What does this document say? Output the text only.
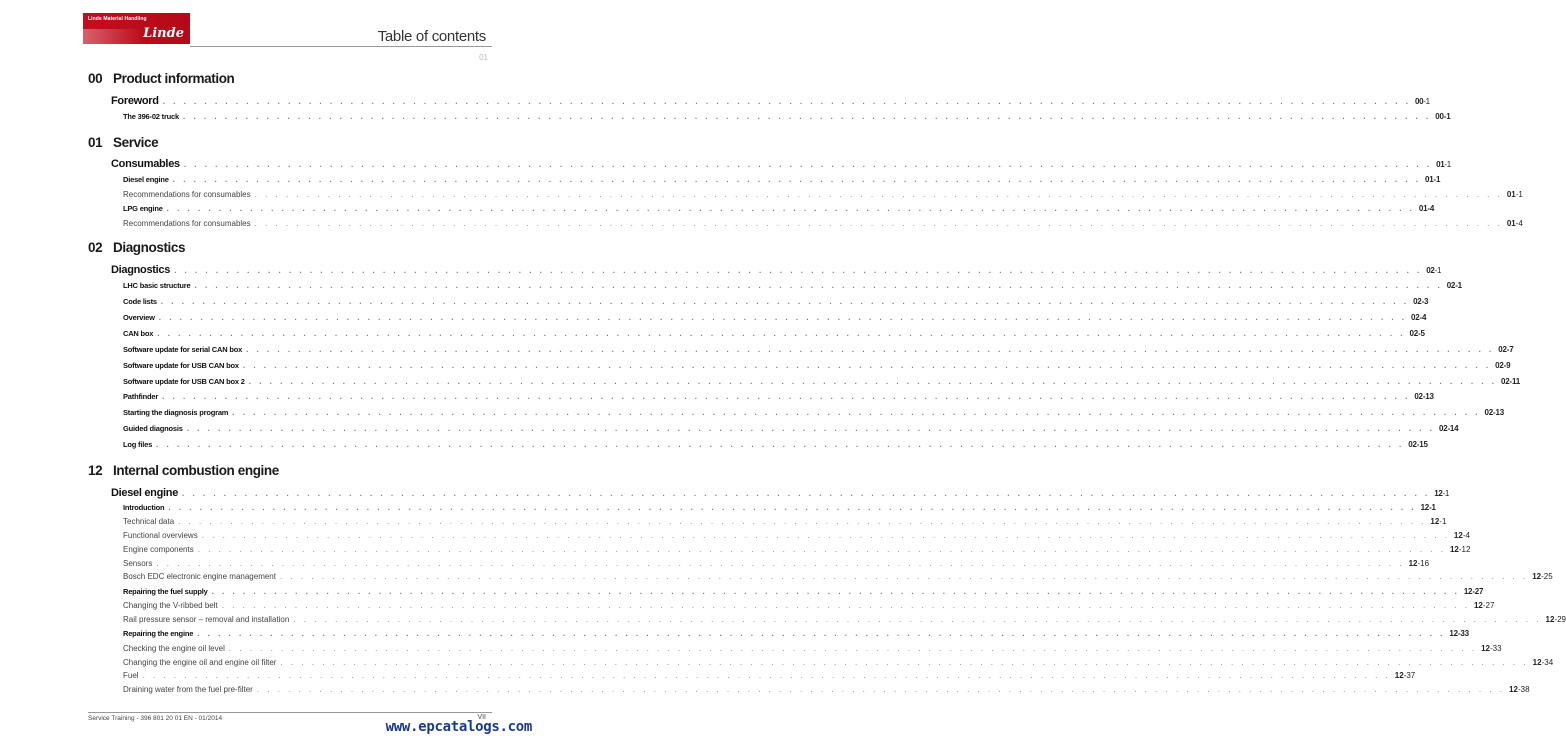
Linde Material Handling
Linde	Table of contents
01
00 Product information
Foreword . . . . . . . . . . . . . . . . . . . . . . . . . . . . . . . . . . . . . . . . . . . . . . . . . . . . . . . . . . . . . . . . . . . . . . . . . . . . . . . . . . . . . . . . . . . . . . . . . . . . . . . . . . . . . . . . . . . . . . . . 00-1
The 396-02 truck . . . . . . . . . . . . . . . . . . . . . . . . . . . . . . . . . . . . . . . . . . . . . . . . . . . . . . . . . . . . . . . . . . . . . . . . . . . . . . . . . . . . . . . . . . . . . . . . . . . . . . . . . . . . . . . . . . . . . . . . 00-1
01 Service
Consumables . . . . . . . . . . . . . . . . . . . . . . . . . . . . . . . . . . . . . . . . . . . . . . . . . . . . . . . . . . . . . . . . . . . . . . . . . . . . . . . . . . . . . . . . . . . . . . . . . . . . . . . . . . . . . . . . . . . . . . . . 01-1
Diesel engine . . . . . . . . . . . . . . . . . . . . . . . . . . . . . . . . . . . . . . . . . . . . . . . . . . . . . . . . . . . . . . . . . . . . . . . . . . . . . . . . . . . . . . . . . . . . . . . . . . . . . . . . . . . . . . . . . . . . . . . . 01-1
Recommendations for consumables . . . . . . . . . . . . . . . . . . . . . . . . . . . . . . . . . . . . . . . . . . . . . . . . . . . . . . . . . . . . . . . . . . . . . . . . . . . . . . . . . . . . . . . . . . . . . . . . . . . . . . . . . . . . . . . . . . . . . . . . 01-1
LPG engine . . . . . . . . . . . . . . . . . . . . . . . . . . . . . . . . . . . . . . . . . . . . . . . . . . . . . . . . . . . . . . . . . . . . . . . . . . . . . . . . . . . . . . . . . . . . . . . . . . . . . . . . . . . . . . . . . . . . . . . . 01-4
Recommendations for consumables . . . . . . . . . . . . . . . . . . . . . . . . . . . . . . . . . . . . . . . . . . . . . . . . . . . . . . . . . . . . . . . . . . . . . . . . . . . . . . . . . . . . . . . . . . . . . . . . . . . . . . . . . . . . . . . . . . . . . . . . 01-4
02 Diagnostics
Diagnostics . . . . . . . . . . . . . . . . . . . . . . . . . . . . . . . . . . . . . . . . . . . . . . . . . . . . . . . . . . . . . . . . . . . . . . . . . . . . . . . . . . . . . . . . . . . . . . . . . . . . . . . . . . . . . . . . . . . . . . . . 02-1
LHC basic structure . . . . . . . . . . . . . . . . . . . . . . . . . . . . . . . . . . . . . . . . . . . . . . . . . . . . . . . . . . . . . . . . . . . . . . . . . . . . . . . . . . . . . . . . . . . . . . . . . . . . . . . . . . . . . . . . . . . . . . . . 02-1
Code lists . . . . . . . . . . . . . . . . . . . . . . . . . . . . . . . . . . . . . . . . . . . . . . . . . . . . . . . . . . . . . . . . . . . . . . . . . . . . . . . . . . . . . . . . . . . . . . . . . . . . . . . . . . . . . . . . . . . . . . . . 02-3
Overview . . . . . . . . . . . . . . . . . . . . . . . . . . . . . . . . . . . . . . . . . . . . . . . . . . . . . . . . . . . . . . . . . . . . . . . . . . . . . . . . . . . . . . . . . . . . . . . . . . . . . . . . . . . . . . . . . . . . . . . . 02-4
CAN box . . . . . . . . . . . . . . . . . . . . . . . . . . . . . . . . . . . . . . . . . . . . . . . . . . . . . . . . . . . . . . . . . . . . . . . . . . . . . . . . . . . . . . . . . . . . . . . . . . . . . . . . . . . . . . . . . . . . . . . . 02-5
Software update for serial CAN box . . . . . . . . . . . . . . . . . . . . . . . . . . . . . . . . . . . . . . . . . . . . . . . . . . . . . . . . . . . . . . . . . . . . . . . . . . . . . . . . . . . . . . . . . . . . . . . . . . . . . . . . . . . . . . . . . . . . . . . . 02-7
Software update for USB CAN box . . . . . . . . . . . . . . . . . . . . . . . . . . . . . . . . . . . . . . . . . . . . . . . . . . . . . . . . . . . . . . . . . . . . . . . . . . . . . . . . . . . . . . . . . . . . . . . . . . . . . . . . . . . . . . . . . . . . . . . . 02-9
Software update for USB CAN box 2 . . . . . . . . . . . . . . . . . . . . . . . . . . . . . . . . . . . . . . . . . . . . . . . . . . . . . . . . . . . . . . . . . . . . . . . . . . . . . . . . . . . . . . . . . . . . . . . . . . . . . . . . . . . . . . . . . . . . . . . . 02-11
Pathfinder . . . . . . . . . . . . . . . . . . . . . . . . . . . . . . . . . . . . . . . . . . . . . . . . . . . . . . . . . . . . . . . . . . . . . . . . . . . . . . . . . . . . . . . . . . . . . . . . . . . . . . . . . . . . . . . . . . . . . . . . 02-13
Starting the diagnosis program . . . . . . . . . . . . . . . . . . . . . . . . . . . . . . . . . . . . . . . . . . . . . . . . . . . . . . . . . . . . . . . . . . . . . . . . . . . . . . . . . . . . . . . . . . . . . . . . . . . . . . . . . . . . . . . . . . . . . . . . 02-13
Guided diagnosis . . . . . . . . . . . . . . . . . . . . . . . . . . . . . . . . . . . . . . . . . . . . . . . . . . . . . . . . . . . . . . . . . . . . . . . . . . . . . . . . . . . . . . . . . . . . . . . . . . . . . . . . . . . . . . . . . . . . . . . . 02-14
Log files . . . . . . . . . . . . . . . . . . . . . . . . . . . . . . . . . . . . . . . . . . . . . . . . . . . . . . . . . . . . . . . . . . . . . . . . . . . . . . . . . . . . . . . . . . . . . . . . . . . . . . . . . . . . . . . . . . . . . . . . 02-15
12 Internal combustion engine
Diesel engine . . . . . . . . . . . . . . . . . . . . . . . . . . . . . . . . . . . . . . . . . . . . . . . . . . . . . . . . . . . . . . . . . . . . . . . . . . . . . . . . . . . . . . . . . . . . . . . . . . . . . . . . . . . . . . . . . . . . . . . . 12-1
Introduction . . . . . . . . . . . . . . . . . . . . . . . . . . . . . . . . . . . . . . . . . . . . . . . . . . . . . . . . . . . . . . . . . . . . . . . . . . . . . . . . . . . . . . . . . . . . . . . . . . . . . . . . . . . . . . . . . . . . . . . . 12-1
Technical data . . . . . . . . . . . . . . . . . . . . . . . . . . . . . . . . . . . . . . . . . . . . . . . . . . . . . . . . . . . . . . . . . . . . . . . . . . . . . . . . . . . . . . . . . . . . . . . . . . . . . . . . . . . . . . . . . . . . . . . . 12-1
Functional overviews . . . . . . . . . . . . . . . . . . . . . . . . . . . . . . . . . . . . . . . . . . . . . . . . . . . . . . . . . . . . . . . . . . . . . . . . . . . . . . . . . . . . . . . . . . . . . . . . . . . . . . . . . . . . . . . . . . . . . . . . 12-4
Engine components . . . . . . . . . . . . . . . . . . . . . . . . . . . . . . . . . . . . . . . . . . . . . . . . . . . . . . . . . . . . . . . . . . . . . . . . . . . . . . . . . . . . . . . . . . . . . . . . . . . . . . . . . . . . . . . . . . . . . . . . 12-12
Sensors . . . . . . . . . . . . . . . . . . . . . . . . . . . . . . . . . . . . . . . . . . . . . . . . . . . . . . . . . . . . . . . . . . . . . . . . . . . . . . . . . . . . . . . . . . . . . . . . . . . . . . . . . . . . . . . . . . . . . . . . 12-16
Bosch EDC electronic engine management . . . . . . . . . . . . . . . . . . . . . . . . . . . . . . . . . . . . . . . . . . . . . . . . . . . . . . . . . . . . . . . . . . . . . . . . . . . . . . . . . . . . . . . . . . . . . . . . . . . . . . . . . . . . . . . . . . . . . . . . 12-25
Repairing the fuel supply . . . . . . . . . . . . . . . . . . . . . . . . . . . . . . . . . . . . . . . . . . . . . . . . . . . . . . . . . . . . . . . . . . . . . . . . . . . . . . . . . . . . . . . . . . . . . . . . . . . . . . . . . . . . . . . . . . . . . . . . 12-27
Changing the V-ribbed belt . . . . . . . . . . . . . . . . . . . . . . . . . . . . . . . . . . . . . . . . . . . . . . . . . . . . . . . . . . . . . . . . . . . . . . . . . . . . . . . . . . . . . . . . . . . . . . . . . . . . . . . . . . . . . . . . . . . . . . . . 12-27
Rail pressure sensor – removal and installation . . . . . . . . . . . . . . . . . . . . . . . . . . . . . . . . . . . . . . . . . . . . . . . . . . . . . . . . . . . . . . . . . . . . . . . . . . . . . . . . . . . . . . . . . . . . . . . . . . . . . . . . . . . . . . . . . . . . . . . . 12-29
Repairing the engine . . . . . . . . . . . . . . . . . . . . . . . . . . . . . . . . . . . . . . . . . . . . . . . . . . . . . . . . . . . . . . . . . . . . . . . . . . . . . . . . . . . . . . . . . . . . . . . . . . . . . . . . . . . . . . . . . . . . . . . . 12-33
Checking the engine oil level . . . . . . . . . . . . . . . . . . . . . . . . . . . . . . . . . . . . . . . . . . . . . . . . . . . . . . . . . . . . . . . . . . . . . . . . . . . . . . . . . . . . . . . . . . . . . . . . . . . . . . . . . . . . . . . . . . . . . . . . 12-33
Changing the engine oil and engine oil filter . . . . . . . . . . . . . . . . . . . . . . . . . . . . . . . . . . . . . . . . . . . . . . . . . . . . . . . . . . . . . . . . . . . . . . . . . . . . . . . . . . . . . . . . . . . . . . . . . . . . . . . . . . . . . . . . . . . . . . . . 12-34
Fuel . . . . . . . . . . . . . . . . . . . . . . . . . . . . . . . . . . . . . . . . . . . . . . . . . . . . . . . . . . . . . . . . . . . . . . . . . . . . . . . . . . . . . . . . . . . . . . . . . . . . . . . . . . . . . . . . . . . . . . . . 12-37
Draining water from the fuel pre-filter . . . . . . . . . . . . . . . . . . . . . . . . . . . . . . . . . . . . . . . . . . . . . . . . . . . . . . . . . . . . . . . . . . . . . . . . . . . . . . . . . . . . . . . . . . . . . . . . . . . . . . . . . . . . . . . . . . . . . . . . 12-38
Service Training - 396 801 20 01 EN - 01/2014	VII
www.epcatalogs.com
